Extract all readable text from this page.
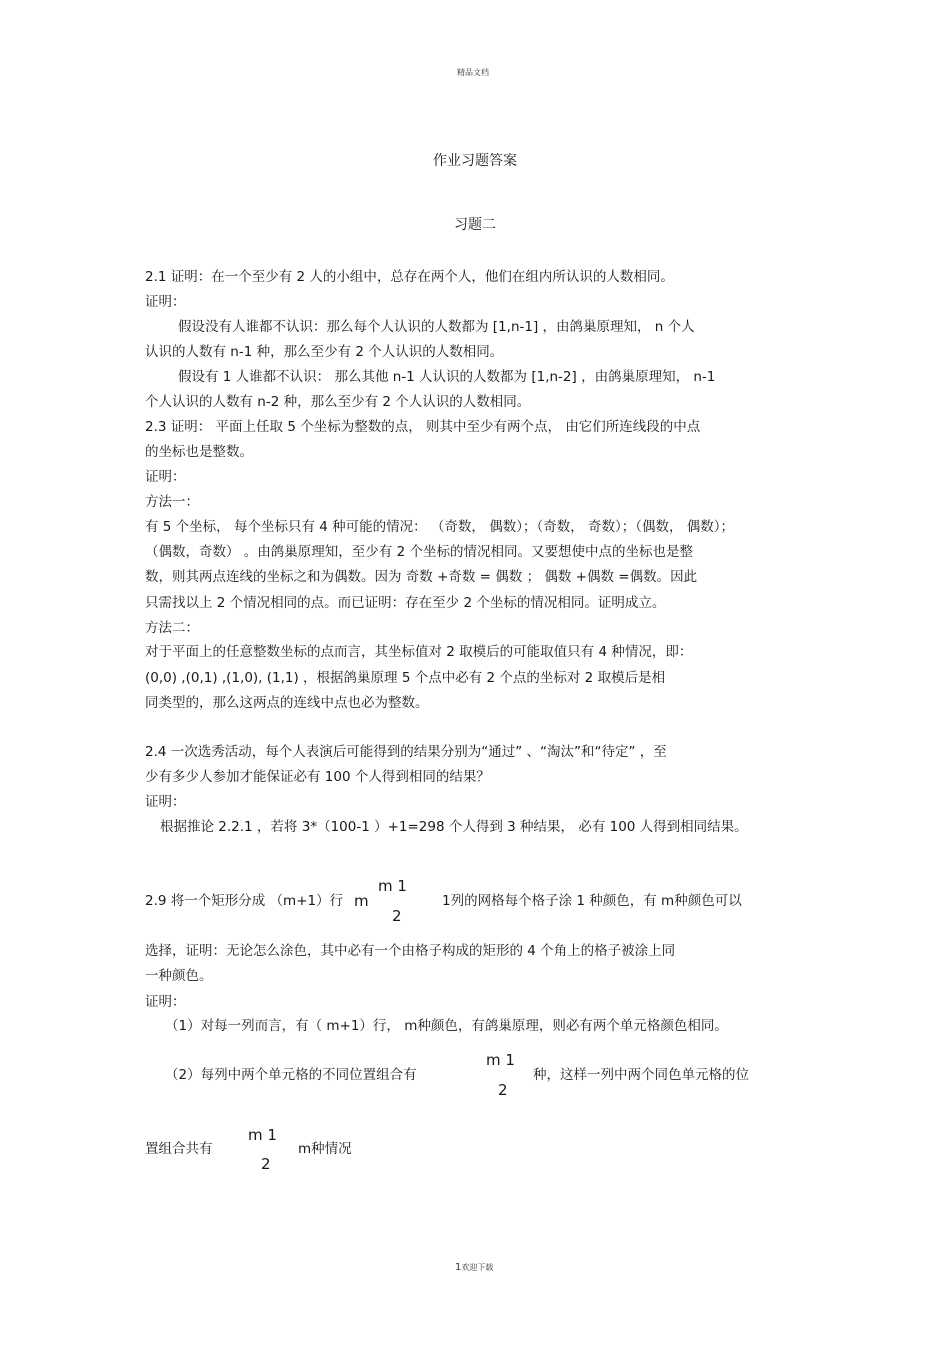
精品文档
作业习题答案
习题二
2.1 证明：在一个至少有 2 人的小组中，总存在两个人，他们在组内所认识的人数相同。
证明：
假设没有人谁都不认识：那么每个人认识的人数都为 [1,n-1] ，由鸽巢原理知， n 个人
认识的人数有 n-1 种，那么至少有 2 个人认识的人数相同。
假设有 1 人谁都不认识： 那么其他 n-1 人认识的人数都为 [1,n-2] ，由鸽巢原理知， n-1
个人认识的人数有 n-2 种，那么至少有 2 个人认识的人数相同。
2.3 证明： 平面上任取 5 个坐标为整数的点， 则其中至少有两个点， 由它们所连线段的中点
的坐标也是整数。
证明：
方法一：
有 5 个坐标， 每个坐标只有 4 种可能的情况： （奇数， 偶数）；（奇数， 奇数）；（偶数， 偶数）；
（偶数，奇数） 。由鸽巢原理知，至少有 2 个坐标的情况相同。又要想使中点的坐标也是整
数，则其两点连线的坐标之和为偶数。因为 奇数 +奇数 = 偶数 ； 偶数 +偶数 =偶数。因此
只需找以上 2 个情况相同的点。而已证明：存在至少 2 个坐标的情况相同。证明成立。
方法二：
对于平面上的任意整数坐标的点而言，其坐标值对 2 取模后的可能取值只有 4 种情况，即：
(0,0) ,(0,1) ,(1,0), (1,1) ，根据鸽巢原理 5 个点中必有 2 个点的坐标对 2 取模后是相
同类型的，那么这两点的连线中点也必为整数。
2.4 一次选秀活动，每个人表演后可能得到的结果分别为“通过” 、“淘汰”和“待定” ，至
少有多少人参加才能保证必有 100 个人得到相同的结果？
证明：
根据推论 2.2.1 ，若将 3*（100-1 ）+1=298 个人得到 3 种结果， 必有 100 人得到相同结果。
2.9 将一个矩形分成 （m+1）行 m
m 1
2
1列的网格每个格子涂 1 种颜色，有 m种颜色可以
选择，证明：无论怎么涂色，其中必有一个由格子构成的矩形的 4 个角上的格子被涂上同
一种颜色。
证明：
（1）对每一列而言，有（ m+1）行， m种颜色，有鸽巢原理，则必有两个单元格颜色相同。
（2）每列中两个单元格的不同位置组合有
m 1
2
种，这样一列中两个同色单元格的位
置组合共有
m 1
2
m种情况
1欢迎下载
